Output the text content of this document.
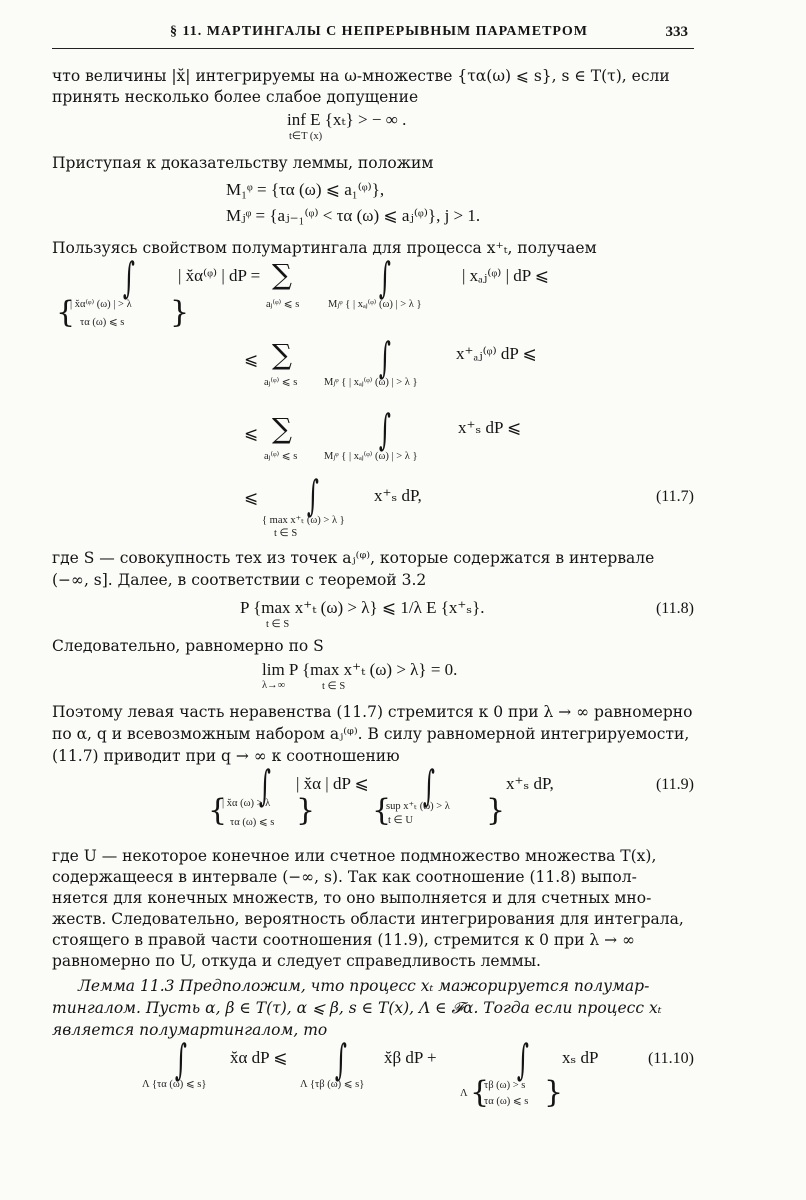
§ 11. МАРТИНГАЛЫ С НЕПРЕРЫВНЫМ ПАРАМЕТРОМ	333
что величины |x̆| интегрируемы на ω-множестве {τα(ω) ⩽ s}, s ∈ T(τ), если
принять несколько более слабое допущение
inf E {xₜ} > − ∞ .
t∈T (x)
Приступая к доказательству леммы, положим
M₁ᵠ = {τα (ω) ⩽ a₁⁽ᵠ⁾},
Mⱼᵠ = {aⱼ₋₁⁽ᵠ⁾ < τα (ω) ⩽ aⱼ⁽ᵠ⁾}, j > 1.
Пользуясь свойством полумартингала для процесса x⁺ₜ, получаем
∫	| x̆α⁽ᵠ⁾ | dP =
{
| x̆α⁽ᵠ⁾ (ω) | > λ
τα (ω) ⩽ s }
∑
aⱼ⁽ᵠ⁾ ⩽ s
∫
Mⱼᵠ { | xₐⱼ⁽ᵠ⁾ (ω) | > λ }
| xₐⱼ⁽ᵠ⁾ | dP ⩽
⩽ ∑
aⱼ⁽ᵠ⁾ ⩽ s
∫
Mⱼᵠ { | xₐⱼ⁽ᵠ⁾ (ω) | > λ }
x⁺ₐⱼ⁽ᵠ⁾ dP ⩽
⩽ ∑
aⱼ⁽ᵠ⁾ ⩽ s
∫
Mⱼᵠ { | xₐⱼ⁽ᵠ⁾ (ω) | > λ }
x⁺ₛ dP ⩽
⩽ ∫	x⁺ₛ dP,
{ max x⁺ₜ (ω) > λ }
t ∈ S
(11.7)
где S — совокупность тех из точек aⱼ⁽ᵠ⁾, которые содержатся в интервале
(−∞, s]. Далее, в соответствии с теоремой 3.2
P {max x⁺ₜ (ω) > λ} ⩽ 1/λ E {x⁺ₛ}.
t ∈ S
(11.8)
Следовательно, равномерно по S
lim P {max x⁺ₜ (ω) > λ} = 0.
λ→∞	t ∈ S
Поэтому левая часть неравенства (11.7) стремится к 0 при λ → ∞ равномерно
по α, q и всевозможным набором aⱼ⁽ᵠ⁾. В силу равномерной интегрируемости,
(11.7) приводит при q → ∞ к соотношению
∫ | x̆α | dP ⩽
{
| x̆α (ω) > λ
τα (ω) ⩽ s }
∫
{
sup x⁺ₜ (ω) > λ
t ∈ U }
x⁺ₛ dP,	(11.9)
где U — некоторое конечное или счетное подмножество множества T(x),
содержащееся в интервале (−∞, s). Так как соотношение (11.8) выпол-
няется для конечных множеств, то оно выполняется и для счетных мно-
жеств. Следовательно, вероятность области интегрирования для интеграла,
стоящего в правой части соотношения (11.9), стремится к 0 при λ → ∞
равномерно по U, откуда и следует справедливость леммы.
Лемма 11.3 Предположим, что процесс xₜ мажорируется полумар-
тингалом. Пусть α, β ∈ T(τ), α ⩽ β, s ∈ T(x), Λ ∈ 𝓕α. Тогда если процесс xₜ
является полумартингалом, то
∫	x̆α dP ⩽
Λ {τα (ω) ⩽ s}
∫ x̆β dP +
Λ {τβ (ω) ⩽ s}
∫ xₛ dP
Λ {
τβ (ω) > s
τα (ω) ⩽ s }
(11.10)
